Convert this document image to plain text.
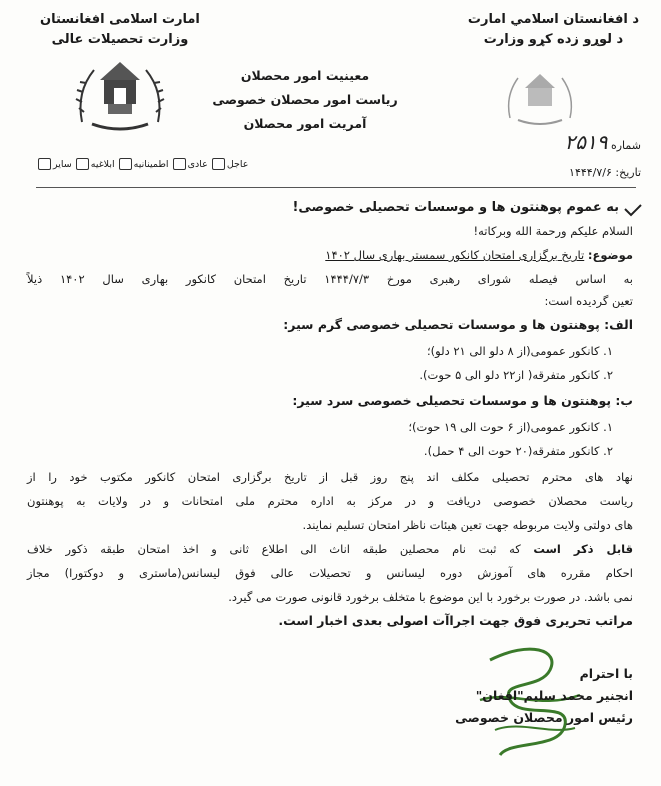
د افغانستان اسلامي امارت
د لوړو زده کړو وزارت
امارت اسلامی افغانستان
وزارت تحصیلات عالی
معینیت امور محصلان
ریاست امور محصلان خصوصی
آمریت امور محصلان
شماره ۲۵۱۹
عاجل
عادی
اطمینانیه
ابلاغیه
سایر
تاریخ: ۱۴۴۴/۷/۶
به عموم پوهنتون ها و موسسات تحصیلی خصوصی!
السلام علیکم ورحمة الله وبرکاته!
موضوع: تاریخ برگزاری امتحان کانکور سمستر بهاری سال ۱۴۰۲
به اساس فیصله شورای رهبری مورخ ۱۴۴۴/۷/۳ تاریخ امتحان کانکور بهاری سال ۱۴۰۲ ذیلاً
تعین گردیده است:
الف: پوهنتون ها و موسسات تحصیلی خصوصی گرم سیر:
۱. کانکور عمومی(از ۸ دلو الی ۲۱ دلو)؛
۲. کانکور متفرقه( از۲۲ دلو الی ۵ حوت).
ب: پوهنتون ها و موسسات تحصیلی خصوصی سرد سیر:
۱. کانکور عمومی(از ۶ حوت الی ۱۹ حوت)؛
۲. کانکور متفرقه(۲۰ حوت الی ۴ حمل).
نهاد های محترم تحصیلی مکلف اند پنج روز قبل از تاریخ برگزاری امتحان کانکور مکتوب خود را از
ریاست محصلان خصوصی دریافت و در مرکز به اداره محترم ملی امتحانات و در ولایات به پوهنتون
های دولتی ولایت مربوطه جهت تعین هیئات ناظر امتحان تسلیم نمایند.
قابل ذکر است که ثبت نام محصلین طبقه اناث الی اطلاع ثانی و اخذ امتحان طبقه ذکور خلاف
احکام مقرره های آموزش دوره لیسانس و تحصیلات عالی فوق لیسانس(ماستری و دوکتورا) مجاز
نمی باشد. در صورت برخورد با این موضوع با متخلف برخورد قانونی صورت می گیرد.
مراتب تحریری فوق جهت اجراآت اصولی بعدی اخبار است.
با احترام
انجنیر محمد سلیم"افغان"
رئیس امور محصلان خصوصی
